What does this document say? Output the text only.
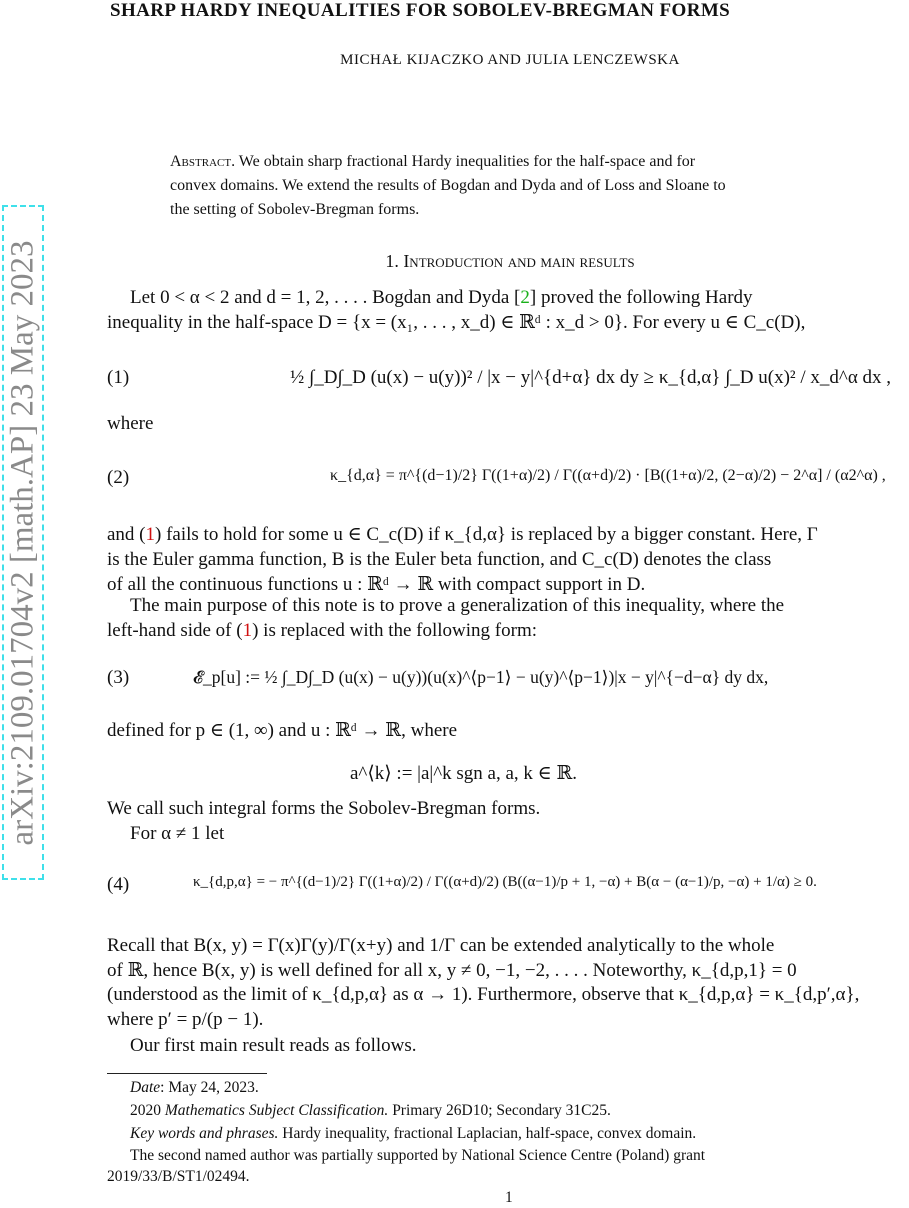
SHARP HARDY INEQUALITIES FOR SOBOLEV-BREGMAN FORMS
MICHAŁ KIJACZKO AND JULIA LENCZEWSKA
Abstract. We obtain sharp fractional Hardy inequalities for the half-space and for
convex domains. We extend the results of Bogdan and Dyda and of Loss and Sloane to
the setting of Sobolev-Bregman forms.
arXiv:2109.01704v2 [math.AP] 23 May 2023	1. Introduction and main results
Let 0 < α < 2 and d = 1, 2, . . . . Bogdan and Dyda [2] proved the following Hardy
inequality in the half-space D = {x = (x₁, . . . , x_d) ∈ ℝᵈ : x_d > 0}. For every u ∈ C_c(D),
(1)	½ ∫_D∫_D (u(x) − u(y))² / |x − y|^{d+α} dx dy ≥ κ_{d,α} ∫_D u(x)² / x_d^α dx ,
where
(2)	κ_{d,α} = π^{(d−1)/2} Γ((1+α)/2) / Γ((α+d)/2) · [B((1+α)/2, (2−α)/2) − 2^α] / (α2^α) ,
and (1) fails to hold for some u ∈ C_c(D) if κ_{d,α} is replaced by a bigger constant. Here, Γ
is the Euler gamma function, B is the Euler beta function, and C_c(D) denotes the class
of all the continuous functions u : ℝᵈ → ℝ with compact support in D.
The main purpose of this note is to prove a generalization of this inequality, where the
left-hand side of (1) is replaced with the following form:
(3)	𝓔_p[u] := ½ ∫_D∫_D (u(x) − u(y))(u(x)^⟨p−1⟩ − u(y)^⟨p−1⟩)|x − y|^{−d−α} dy dx,
defined for p ∈ (1, ∞) and u : ℝᵈ → ℝ, where
a^⟨k⟩ := |a|^k sgn a, a, k ∈ ℝ.
We call such integral forms the Sobolev-Bregman forms.
For α ≠ 1 let
(4)	κ_{d,p,α} = − π^{(d−1)/2} Γ((1+α)/2) / Γ((α+d)/2) (B((α−1)/p + 1, −α) + B(α − (α−1)/p, −α) + 1/α) ≥ 0.
Recall that B(x, y) = Γ(x)Γ(y)/Γ(x+y) and 1/Γ can be extended analytically to the whole
of ℝ, hence B(x, y) is well defined for all x, y ≠ 0, −1, −2, . . . . Noteworthy, κ_{d,p,1} = 0
(understood as the limit of κ_{d,p,α} as α → 1). Furthermore, observe that κ_{d,p,α} = κ_{d,p′,α},
where p′ = p/(p − 1).
Our first main result reads as follows.
Date: May 24, 2023.
2020 Mathematics Subject Classification. Primary 26D10; Secondary 31C25.
Key words and phrases. Hardy inequality, fractional Laplacian, half-space, convex domain.
The second named author was partially supported by National Science Centre (Poland) grant
2019/33/B/ST1/02494.
1
